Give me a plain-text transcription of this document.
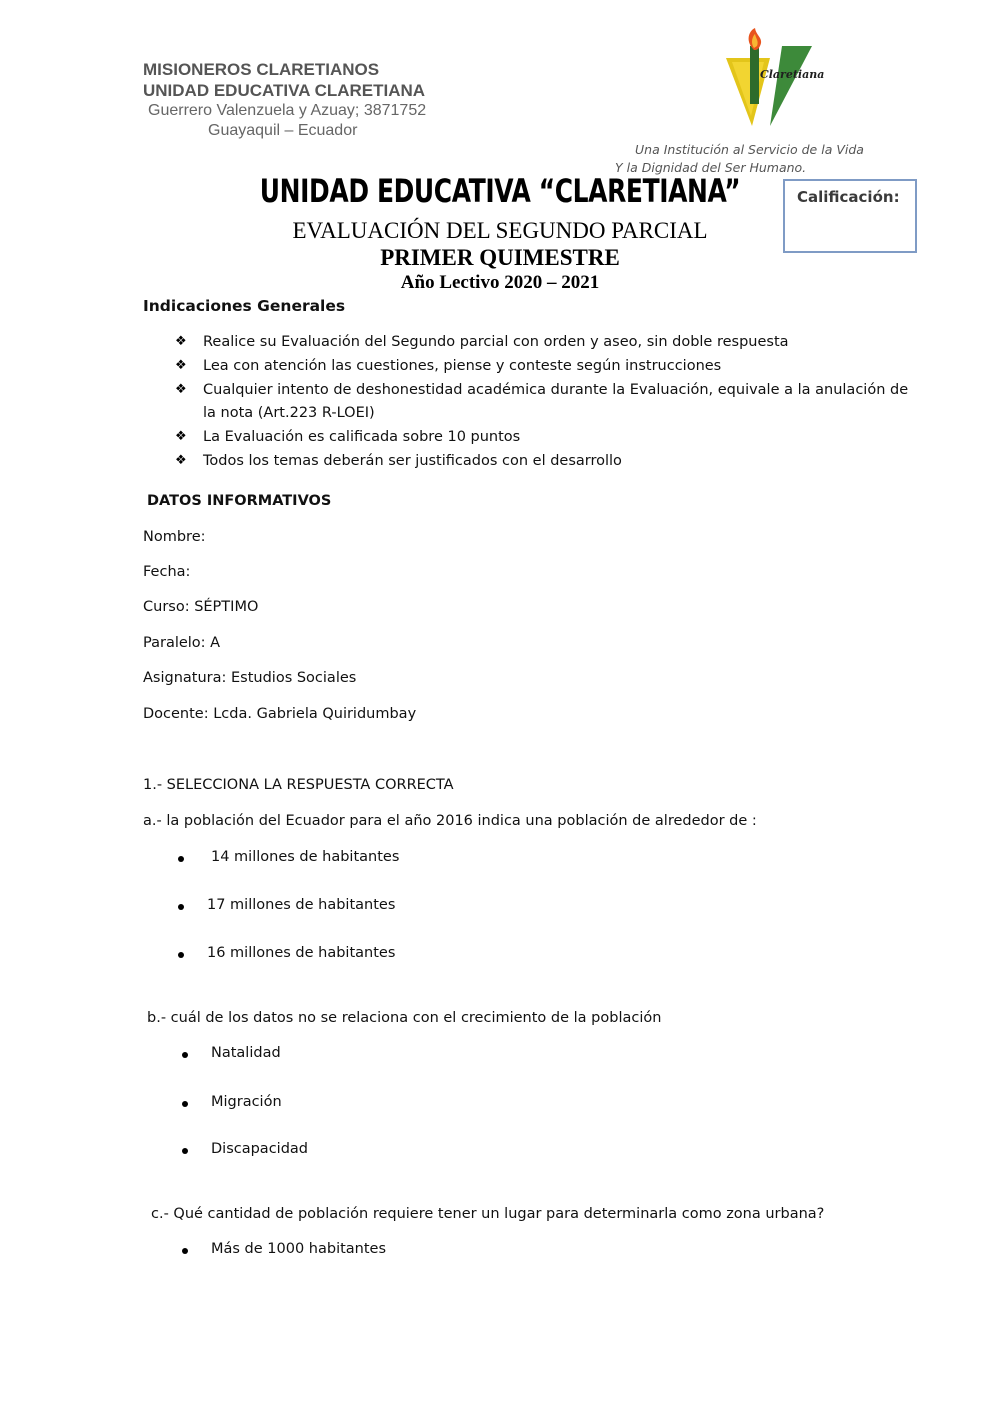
MISIONEROS CLARETIANOS
UNIDAD EDUCATIVA CLARETIANA
Guerrero Valenzuela y Azuay; 3871752
Guayaquil – Ecuador
Claretiana
Una Institución al Servicio de la Vida
Y la Dignidad del Ser Humano.
UNIDAD EDUCATIVA “CLARETIANA”
EVALUACIÓN DEL SEGUNDO PARCIAL
PRIMER QUIMESTRE
Año Lectivo 2020 – 2021
Calificación:
Indicaciones Generales
❖ Realice su Evaluación del Segundo parcial con orden y aseo, sin doble respuesta
❖ Lea con atención las cuestiones, piense y conteste según instrucciones
❖ Cualquier intento de deshonestidad académica durante la Evaluación, equivale a la anulación de
la nota (Art.223 R-LOEI)
❖ La Evaluación es calificada sobre 10 puntos
❖ Todos los temas deberán ser justificados con el desarrollo
DATOS INFORMATIVOS
Nombre:
Fecha:
Curso: SÉPTIMO
Paralelo: A
Asignatura: Estudios Sociales
Docente: Lcda. Gabriela Quiridumbay
1.- SELECCIONA LA RESPUESTA CORRECTA
a.- la población del Ecuador para el año 2016 indica una población de alrededor de :
14 millones de habitantes
17 millones de habitantes
16 millones de habitantes
b.- cuál de los datos no se relaciona con el crecimiento de la población
Natalidad
Migración
Discapacidad
c.- Qué cantidad de población requiere tener un lugar para determinarla como zona urbana?
Más de 1000 habitantes
